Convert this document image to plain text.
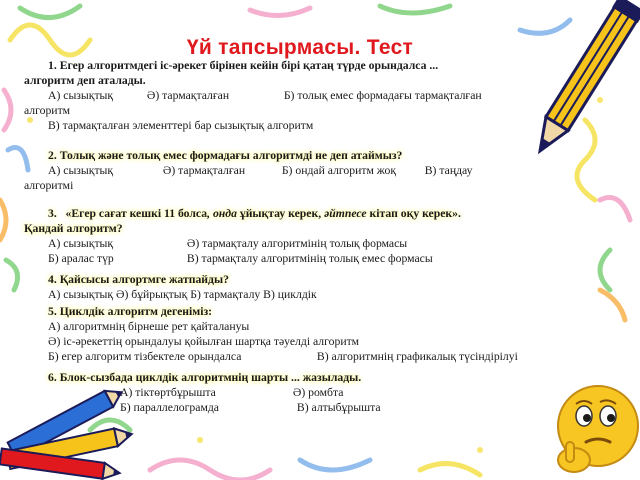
Үй тапсырмасы. Тест
1. Егер алгоритмдегі іс-әрекет бірінен кейін бірі қатаң түрде орындалса ...
алгоритм деп аталады.
А) сызықтық	Ә) тармақталған	Б) толық емес формадағы тармақталған
алгоритм
В) тармақталған элементтері бар сызықтық алгоритм
2. Толық және толық емес формадағы алгоритмді не деп атаймыз?
А) сызықтық	Ә) тармақталған	Б) ондай алгоритм жоқ В) таңдау
алгоритмі
3. «Егер сағат кешкі 11 болса, онда ұйықтау керек, әйтпесе кітап оқу керек».
Қандай алгоритм?
А) сызықтық	Ә) тармақталу алгоритмінің толық формасы
Б) аралас түр	В) тармақталу алгоритмінің толық емес формасы
4. Қайсысы алгортмге жатпайды?
А) сызықтық Ә) бұйрықтық Б) тармақталу В) циклдік
5. Циклдік алгоритм дегеніміз:
А) алгоритмнің бірнеше рет қайталануы
Ә) іс-әрекеттің орындалуы қойылған шартқа тәуелді алгоритм
Б) егер алгоритм тізбектеле орындалса	В) алгоритмнің графикалық түсіндірілуі
6. Блок-сызбада циклдік алгоритмнің шарты ... жазылады.
А) тіктөртбұрышта	Ә) ромбта
Б) параллелограмда	В) алтыбұрышта
